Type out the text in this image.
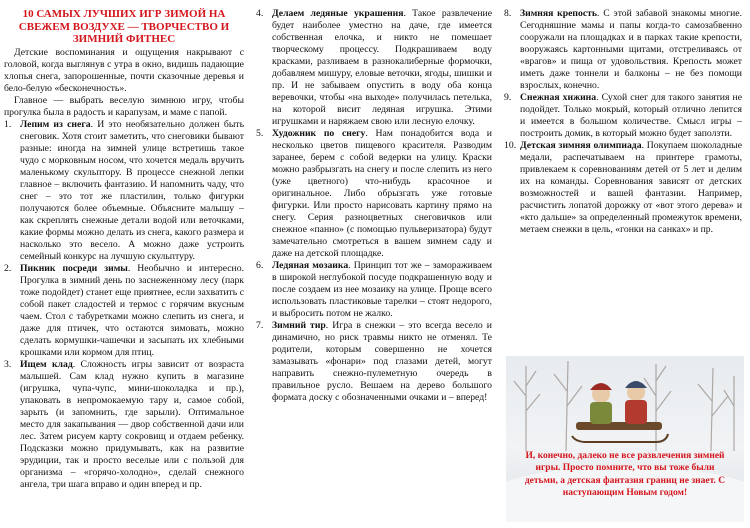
10 САМЫХ ЛУЧШИХ ИГР ЗИМОЙ НА СВЕЖЕМ ВОЗДУХЕ — ТВОРЧЕСТВО И ЗИМНИЙ ФИТНЕС

Детские воспоминания и ощущения накрывают с головой, когда выглянув с утра в окно, видишь падающие хлопья снега, запорошенные, почти сказочные деревья и бело-белую «бесконечность».

Главное — выбрать веселую зимнюю игру, чтобы прогулка была в радость и карапузам, и маме с папой.

1. Лепим из снега. И это необязательно должен быть снеговик. Хотя стоит заметить, что снеговики бывают разные: иногда на зимней улице встретишь такое чудо с морковным носом, что хочется медаль вручить маленькому скульптору. В процессе снежной лепки главное – включить фантазию. И напомнить чаду, что снег – это тот же пластилин, только фигурки получаются более объемные. Объясните малышу – как скреплять снежные детали водой или веточками, какие формы можно делать из снега, какого размера и насколько это весело. А можно даже устроить семейный конкурс на лучшую скульптуру.
2. Пикник посреди зимы. Необычно и интересно. Прогулка в зимний день по заснеженному лесу (парк тоже подойдет) станет еще приятнее, если захватить с собой пакет сладостей и термос с горячим вкусным чаем. Стол с табуретками можно слепить из снега, и даже для птичек, что остаются зимовать, можно сделать кормушки-чашечки и засыпать их хлебными крошками или кормом для птиц.
3. Ищем клад. Сложность игры зависит от возраста малышей. Сам клад нужно купить в магазине (игрушка, чупа-чупс, мини-шоколадка и пр.), упаковать в непромокаемую тару и, самое собой, зарыть (и запомнить, где зарыли). Оптимальное место для закапывания — двор собственной дачи или лес. Затем рисуем карту сокровищ и отдаем ребенку. Подсказки можно придумывать, как на развитие эрудиции, так и просто веселые или с пользой для организма – «горячо-холодно», сделай снежного ангела, три шага вправо и один вперед и пр.
4. Делаем ледяные украшения. Такое развлечение будет наиболее уместно на даче, где имеется собственная елочка, и никто не помешает творческому процессу. Подкрашиваем воду красками, разливаем в разнокалиберные формочки, добавляем мишуру, еловые веточки, ягоды, шишки и пр. И не забываем опустить в воду оба конца веревочки, чтобы «на выходе» получилась петелька, на которой висит ледяная игрушка. Этими игрушками и наряжаем свою или лесную елочку.
5. Художник по снегу. Нам понадобится вода и несколько цветов пищевого красителя. Разводим заранее, берем с собой ведерки на улицу. Краски можно разбрызгать на снегу и после слепить из него (уже цветного) что-нибудь красочное и оригинальное. Либо обрызгать уже готовые фигурки. Или просто нарисовать картину прямо на снегу. Серия разноцветных снеговичков или снежное «панно» (с помощью пульверизатора) будут замечательно смотреться в вашем зимнем саду и даже на детской площадке.
6. Ледяная мозаика. Принцип тот же – замораживаем в широкой неглубокой посуде подкрашенную воду и после создаем из нее мозаику на улице. Проще всего использовать пластиковые тарелки – стоят недорого, и выбросить потом не жалко.
7. Зимний тир. Игра в снежки – это всегда весело и динамично, но риск травмы никто не отменял. Те родители, которым совершенно не хочется замазывать «фонари» под глазами детей, могут направить снежно-пулеметную очередь в правильное русло. Вешаем на дерево большого формата доску с обозначенными очками и – вперед!
8. Зимняя крепость. С этой забавой знакомы многие. Сегодняшние мамы и папы когда-то самозабвенно сооружали на площадках и в парках такие крепости, вооружаясь картонными щитами, отстреливаясь от «врагов» и пища от удовольствия. Крепость может иметь даже тоннели и балконы – не без помощи взрослых, конечно.
9. Снежная хижина. Сухой снег для такого занятия не подойдет. Только мокрый, который отлично лепится и имеется в большом количестве. Смысл игры – построить домик, в который можно будет заползти.
10. Детская зимняя олимпиада. Покупаем шоколадные медали, распечатываем на принтере грамоты, привлекаем к соревнованиям детей от 5 лет и делим их на команды. Соревнования зависят от детских возможностей и вашей фантазии. Например, расчистить лопатой дорожку от «вот этого дерева» и «кто дальше» за определенный промежуток времени, метаем снежки в цель, «гонки на санках» и пр.
И, конечно, далеко не все развлечения зимней игры. Просто помните, что вы тоже были детьми, а детская фантазия границ не знает. С наступающим Новым годом!
